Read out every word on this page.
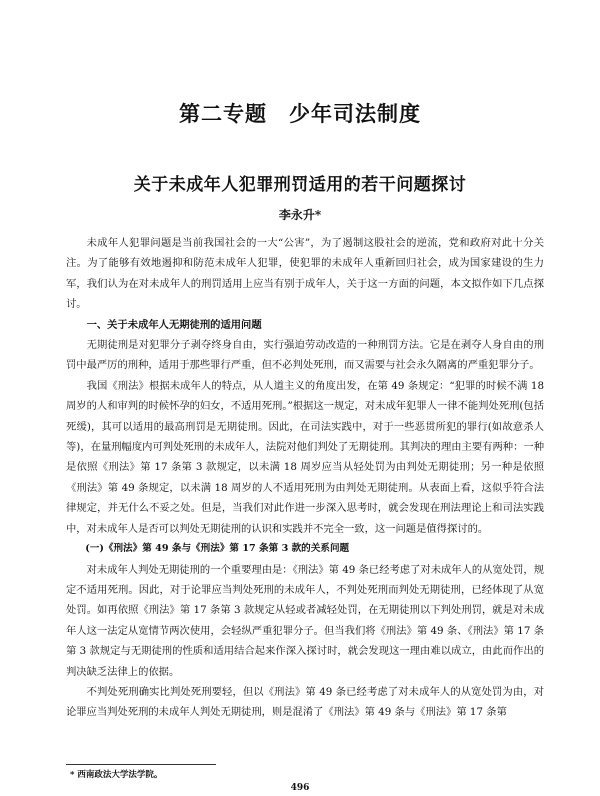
第二专题 少年司法制度
关于未成年人犯罪刑罚适用的若干问题探讨
李永升*

未成年人犯罪问题是当前我国社会的一大“公害”，为了遏制这股社会的逆流，党和政府对此十分关注。为了能够有效地遏抑和防范未成年人犯罪，使犯罪的未成年人重新回归社会，成为国家建设的生力军，我们认为在对未成年人的刑罚适用上应当有别于成年人，关于这一方面的问题，本文拟作如下几点探讨。

一、关于未成年人无期徒刑的适用问题

无期徒刑是对犯罪分子剥夺终身自由，实行强迫劳动改造的一种刑罚方法。它是在剥夺人身自由的刑罚中最严厉的刑种，适用于那些罪行严重，但不必判处死刑，而又需要与社会永久隔离的严重犯罪分子。

我国《刑法》根据未成年人的特点，从人道主义的角度出发，在第 49 条规定：“犯罪的时候不满 18 周岁的人和审判的时候怀孕的妇女，不适用死刑。”根据这一规定，对未成年犯罪人一律不能判处死刑(包括死缓)，其可以适用的最高刑罚是无期徒刑。因此，在司法实践中，对于一些恶贯所犯的罪行(如故意杀人等)，在量刑幅度内可判处死刑的未成年人，法院对他们判处了无期徒刑。其判决的理由主要有两种：一种是依照《刑法》第 17 条第 3 款规定，以未满 18 周岁应当从轻处罚为由判处无期徒刑；另一种是依照《刑法》第 49 条规定，以未满 18 周岁的人不适用死刑为由判处无期徒刑。从表面上看，这似乎符合法律规定，并无什么不妥之处。但是，当我们对此作进一步深入思考时，就会发现在刑法理论上和司法实践中，对未成年人是否可以判处无期徒刑的认识和实践并不完全一致，这一问题是值得探讨的。

(一)《刑法》第 49 条与《刑法》第 17 条第 3 款的关系问题

对未成年人判处无期徒刑的一个重要理由是：《刑法》第 49 条已经考虑了对未成年人的从宽处罚，规定不适用死刑。因此，对于论罪应当判处死刑的未成年人，不判处死刑而判处无期徒刑，已经体现了从宽处罚。如再依照《刑法》第 17 条第 3 款规定从轻或者减轻处罚，在无期徒刑以下判处刑罚，就是对未成年人这一法定从宽情节两次使用，会轻纵严重犯罪分子。但当我们将《刑法》第 49 条、《刑法》第 17 条第 3 款规定与无期徒刑的性质和适用结合起来作深入探讨时，就会发现这一理由难以成立，由此而作出的判决缺乏法律上的依据。

不判处死刑确实比判处死刑要轻，但以《刑法》第 49 条已经考虑了对未成年人的从宽处罚为由，对论罪应当判处死刑的未成年人判处无期徒刑，则是混淆了《刑法》第 49 条与《刑法》第 17 条第

* 西南政法大学法学院。
496
